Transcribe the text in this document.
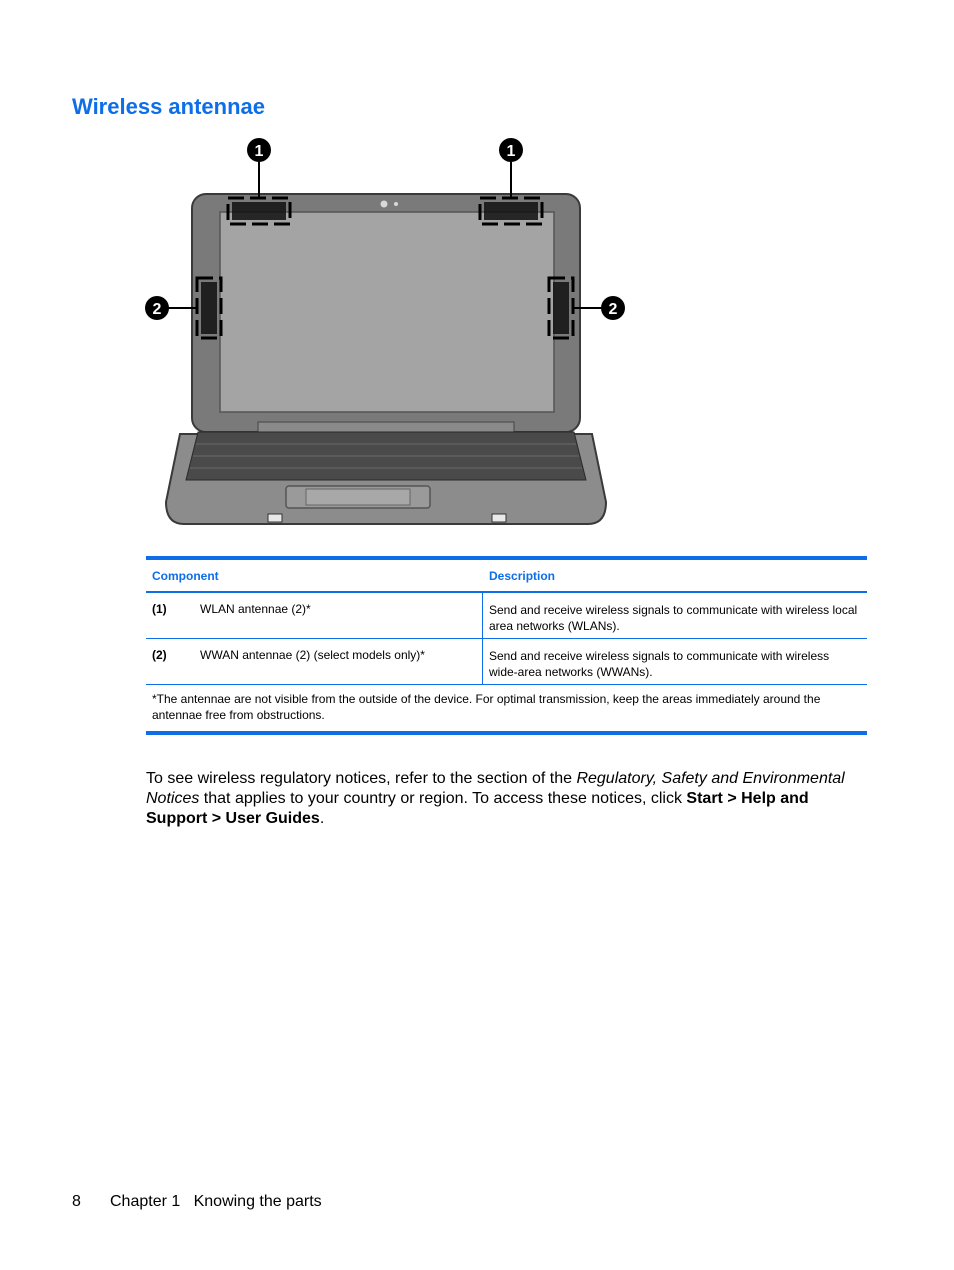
Wireless antennae
1	1
2	2
Component	Description
(1)	WLAN antennae (2)*	Send and receive wireless signals to communicate with wireless local area networks (WLANs).
(2)	WWAN antennae (2) (select models only)*	Send and receive wireless signals to communicate with wireless wide-area networks (WWANs).
*The antennae are not visible from the outside of the device. For optimal transmission, keep the areas immediately around the antennae free from obstructions.

To see wireless regulatory notices, refer to the section of the Regulatory, Safety and Environmental Notices that applies to your country or region. To access these notices, click Start > Help and Support > User Guides.

8 Chapter 1   Knowing the parts
